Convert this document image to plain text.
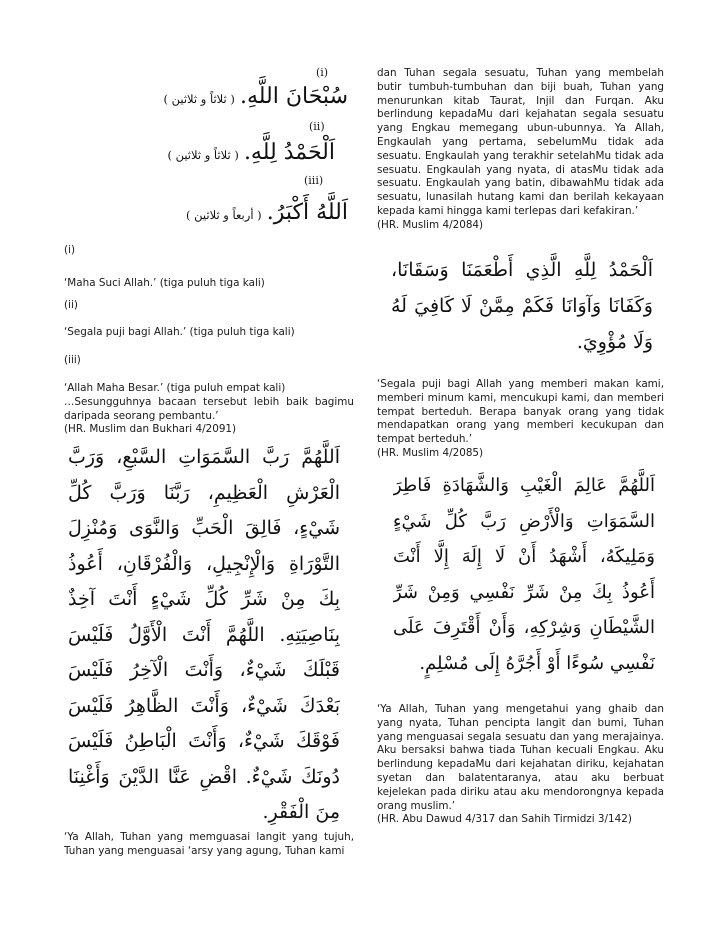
(i)
سُبْحَانَ اللَّهِ. ( ثلاثاً و ثلاثين )
(ii)
اَلْحَمْدُ لِلَّهِ. ( ثلاثاً و ثلاثين )
(iii)
اَللَّهُ أَكْبَرُ. ( أربعاً و ثلاثين )

(i)

‘Maha Suci Allah.’ (tiga puluh tiga kali)

(ii)

‘Segala puji bagi Allah.’ (tiga puluh tiga kali)

(iii)

‘Allah Maha Besar.’ (tiga puluh empat kali)

…Sesungguhnya bacaan tersebut lebih baik bagimu daripada seorang pembantu.’

(HR. Muslim dan Bukhari 4/2091)

اَللَّهُمَّ رَبَّ السَّمَوَاتِ السَّبْعِ، وَرَبَّ

الْعَرْشِ الْعَظِيمِ، رَبَّنَا وَرَبَّ كُلِّ

شَيْءٍ، فَالِقَ الْحَبِّ وَالنَّوَى وَمُنْزِلَ

التَّوْرَاةِ وَالْإِنْجِيلِ، وَالْفُرْقَانِ، أَعُوذُ

بِكَ مِنْ شَرِّ كُلِّ شَيْءٍ أَنْتَ آخِذٌ

بِنَاصِيَتِهِ. اللَّهُمَّ أَنْتَ الْأَوَّلُ فَلَيْسَ

قَبْلَكَ شَيْءٌ، وَأَنْتَ الْآخِرُ فَلَيْسَ

بَعْدَكَ شَيْءٌ، وَأَنْتَ الظَّاهِرُ فَلَيْسَ

فَوْقَكَ شَيْءٌ، وَأَنْتَ الْبَاطِنُ فَلَيْسَ

دُونَكَ شَيْءٌ. اقْضِ عَنَّا الدَّيْنَ وَأَغْنِنَا

مِنَ الْفَقْرِ.

‘Ya Allah, Tuhan yang memguasai langit yang tujuh, Tuhan yang menguasai ‘arsy yang agung, Tuhan kami

dan Tuhan segala sesuatu, Tuhan yang membelah butir tumbuh-tumbuhan dan biji buah, Tuhan yang menurunkan kitab Taurat, Injil dan Furqan. Aku berlindung kepadaMu dari kejahatan segala sesuatu yang Engkau memegang ubun-ubunnya. Ya Allah, Engkaulah yang pertama, sebelumMu tidak ada sesuatu. Engkaulah yang terakhir setelahMu tidak ada sesuatu. Engkaulah yang nyata, di atasMu tidak ada sesuatu. Engkaulah yang batin, dibawahMu tidak ada sesuatu, lunasilah hutang kami dan berilah kekayaan kepada kami hingga kami terlepas dari kefakiran.’

(HR. Muslim 4/2084)

اَلْحَمْدُ لِلَّهِ الَّذِي أَطْعَمَنَا وَسَقَانَا،

وَكَفَانَا وَآوَانَا فَكَمْ مِمَّنْ لَا كَافِيَ لَهُ

وَلَا مُؤْوِيَ.

‘Segala puji bagi Allah yang memberi makan kami, memberi minum kami, mencukupi kami, dan memberi tempat berteduh. Berapa banyak orang yang tidak mendapatkan orang yang memberi kecukupan dan tempat berteduh.’

(HR. Muslim 4/2085)

اَللَّهُمَّ عَالِمَ الْغَيْبِ وَالشَّهَادَةِ فَاطِرَ

السَّمَوَاتِ وَالْأَرْضِ رَبَّ كُلِّ شَيْءٍ

وَمَلِيكَهُ، أَشْهَدُ أَنْ لَا إِلَهَ إِلَّا أَنْتَ

أَعُوذُ بِكَ مِنْ شَرِّ نَفْسِي وَمِنْ شَرِّ

الشَّيْطَانِ وَشِرْكِهِ، وَأَنْ أَقْتَرِفَ عَلَى

نَفْسِي سُوءًا أَوْ أَجُرَّهُ إِلَى مُسْلِمٍ.

‘Ya Allah, Tuhan yang mengetahui yang ghaib dan yang nyata, Tuhan pencipta langit dan bumi, Tuhan yang menguasai segala sesuatu dan yang merajainya. Aku bersaksi bahwa tiada Tuhan kecuali Engkau. Aku berlindung kepadaMu dari kejahatan diriku, kejahatan syetan dan balatentaranya, atau aku berbuat kejelekan pada diriku atau aku mendorongnya kepada orang muslim.’

(HR. Abu Dawud 4/317 dan Sahih Tirmidzi 3/142)
